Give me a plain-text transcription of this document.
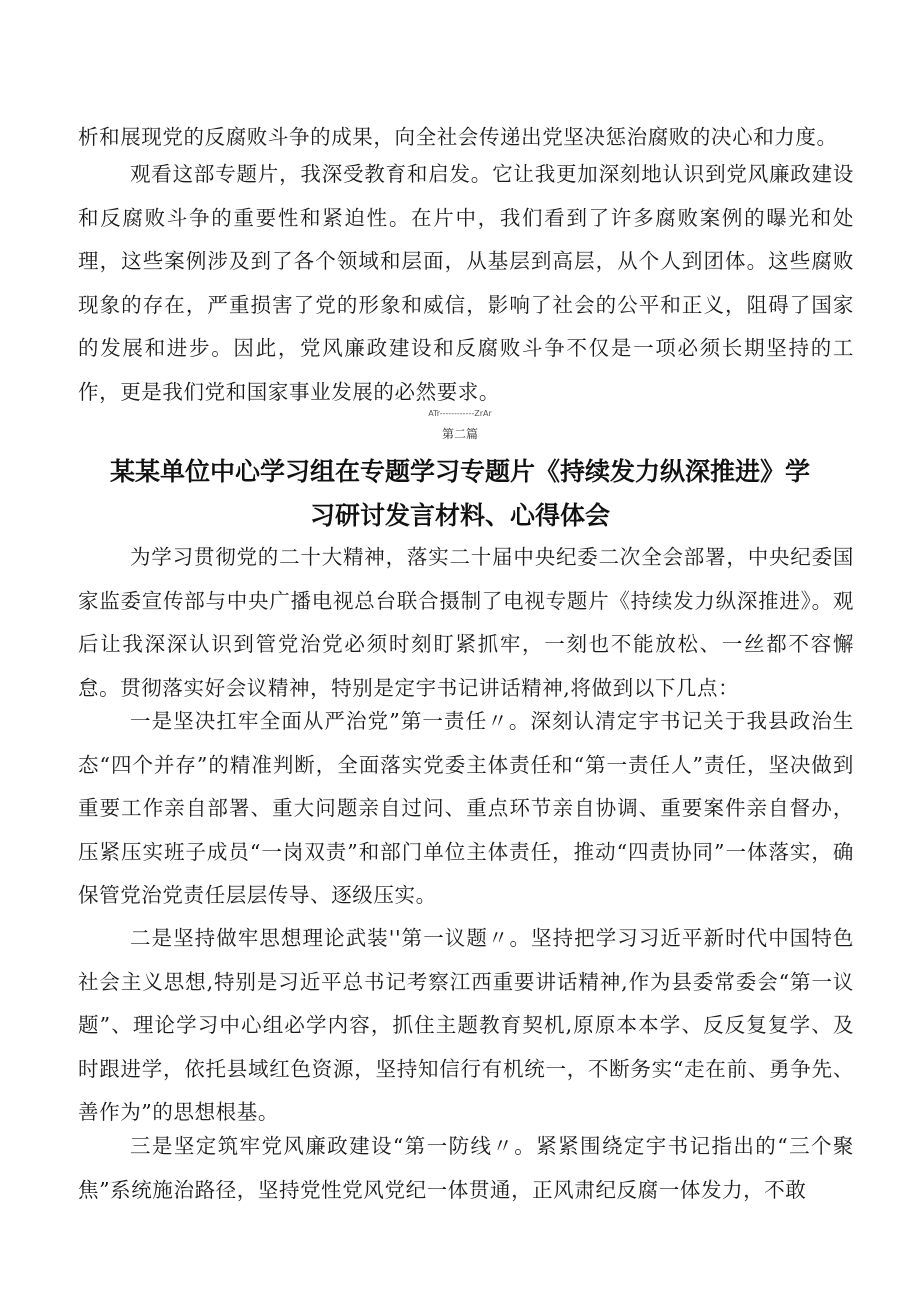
析和展现党的反腐败斗争的成果，向全社会传递出党坚决惩治腐败的决心和力度。

观看这部专题片，我深受教育和启发。它让我更加深刻地认识到党风廉政建设和反腐败斗争的重要性和紧迫性。在片中，我们看到了许多腐败案例的曝光和处理，这些案例涉及到了各个领域和层面，从基层到高层，从个人到团体。这些腐败现象的存在，严重损害了党的形象和威信，影响了社会的公平和正义，阻碍了国家的发展和进步。因此，党风廉政建设和反腐败斗争不仅是一项必须长期坚持的工作，更是我们党和国家事业发展的必然要求。

ATr------------ZrAr
第二篇
某某单位中心学习组在专题学习专题片《持续发力纵深推进》学习研讨发言材料、心得体会

为学习贯彻党的二十大精神，落实二十届中央纪委二次全会部署，中央纪委国家监委宣传部与中央广播电视总台联合摄制了电视专题片《持续发力纵深推进》。观后让我深深认识到管党治党必须时刻盯紧抓牢，一刻也不能放松、一丝都不容懈怠。贯彻落实好会议精神，特别是定宇书记讲话精神,将做到以下几点：

一是坚决扛牢全面从严治党”第一责任〃。深刻认清定宇书记关于我县政治生态“四个并存”的精准判断，全面落实党委主体责任和“第一责任人”责任，坚决做到重要工作亲自部署、重大问题亲自过问、重点环节亲自协调、重要案件亲自督办，压紧压实班子成员“一岗双责”和部门单位主体责任，推动“四责协同”一体落实，确保管党治党责任层层传导、逐级压实。

二是坚持做牢思想理论武装''第一议题〃。坚持把学习习近平新时代中国特色社会主义思想,特别是习近平总书记考察江西重要讲话精神,作为县委常委会“第一议题”、理论学习中心组必学内容，抓住主题教育契机,原原本本学、反反复复学、及时跟进学，依托县域红色资源，坚持知信行有机统一，不断务实“走在前、勇争先、善作为”的思想根基。

三是坚定筑牢党风廉政建设“第一防线〃。紧紧围绕定宇书记指出的“三个聚焦”系统施治路径，坚持党性党风党纪一体贯通，正风肃纪反腐一体发力，不敢
